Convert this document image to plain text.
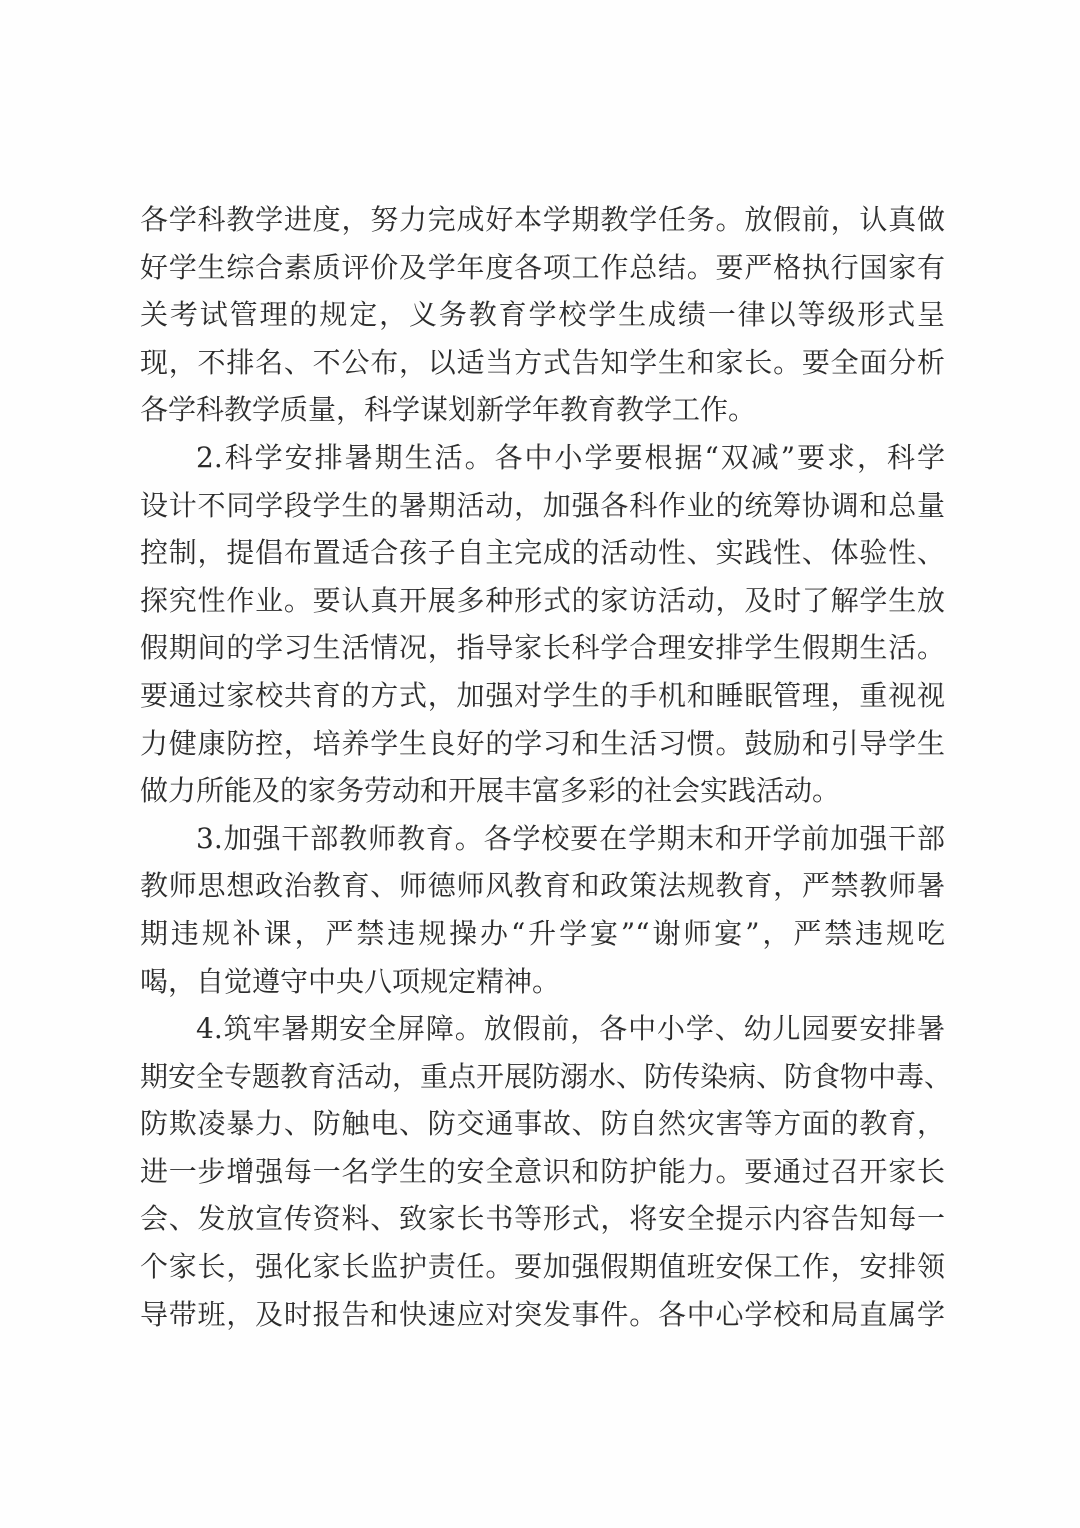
各学科教学进度，努力完成好本学期教学任务。放假前，认真做
好学生综合素质评价及学年度各项工作总结。要严格执行国家有
关考试管理的规定，义务教育学校学生成绩一律以等级形式呈
现，不排名、不公布，以适当方式告知学生和家长。要全面分析
各学科教学质量，科学谋划新学年教育教学工作。
2.科学安排暑期生活。各中小学要根据“双减”要求，科学
设计不同学段学生的暑期活动，加强各科作业的统筹协调和总量
控制，提倡布置适合孩子自主完成的活动性、实践性、体验性、
探究性作业。要认真开展多种形式的家访活动，及时了解学生放
假期间的学习生活情况，指导家长科学合理安排学生假期生活。
要通过家校共育的方式，加强对学生的手机和睡眠管理，重视视
力健康防控，培养学生良好的学习和生活习惯。鼓励和引导学生
做力所能及的家务劳动和开展丰富多彩的社会实践活动。
3.加强干部教师教育。各学校要在学期末和开学前加强干部
教师思想政治教育、师德师风教育和政策法规教育，严禁教师暑
期违规补课，严禁违规操办“升学宴”“谢师宴”，严禁违规吃
喝，自觉遵守中央八项规定精神。
4.筑牢暑期安全屏障。放假前，各中小学、幼儿园要安排暑
期安全专题教育活动，重点开展防溺水、防传染病、防食物中毒、
防欺凌暴力、防触电、防交通事故、防自然灾害等方面的教育，
进一步增强每一名学生的安全意识和防护能力。要通过召开家长
会、发放宣传资料、致家长书等形式，将安全提示内容告知每一
个家长，强化家长监护责任。要加强假期值班安保工作，安排领
导带班，及时报告和快速应对突发事件。各中心学校和局直属学
